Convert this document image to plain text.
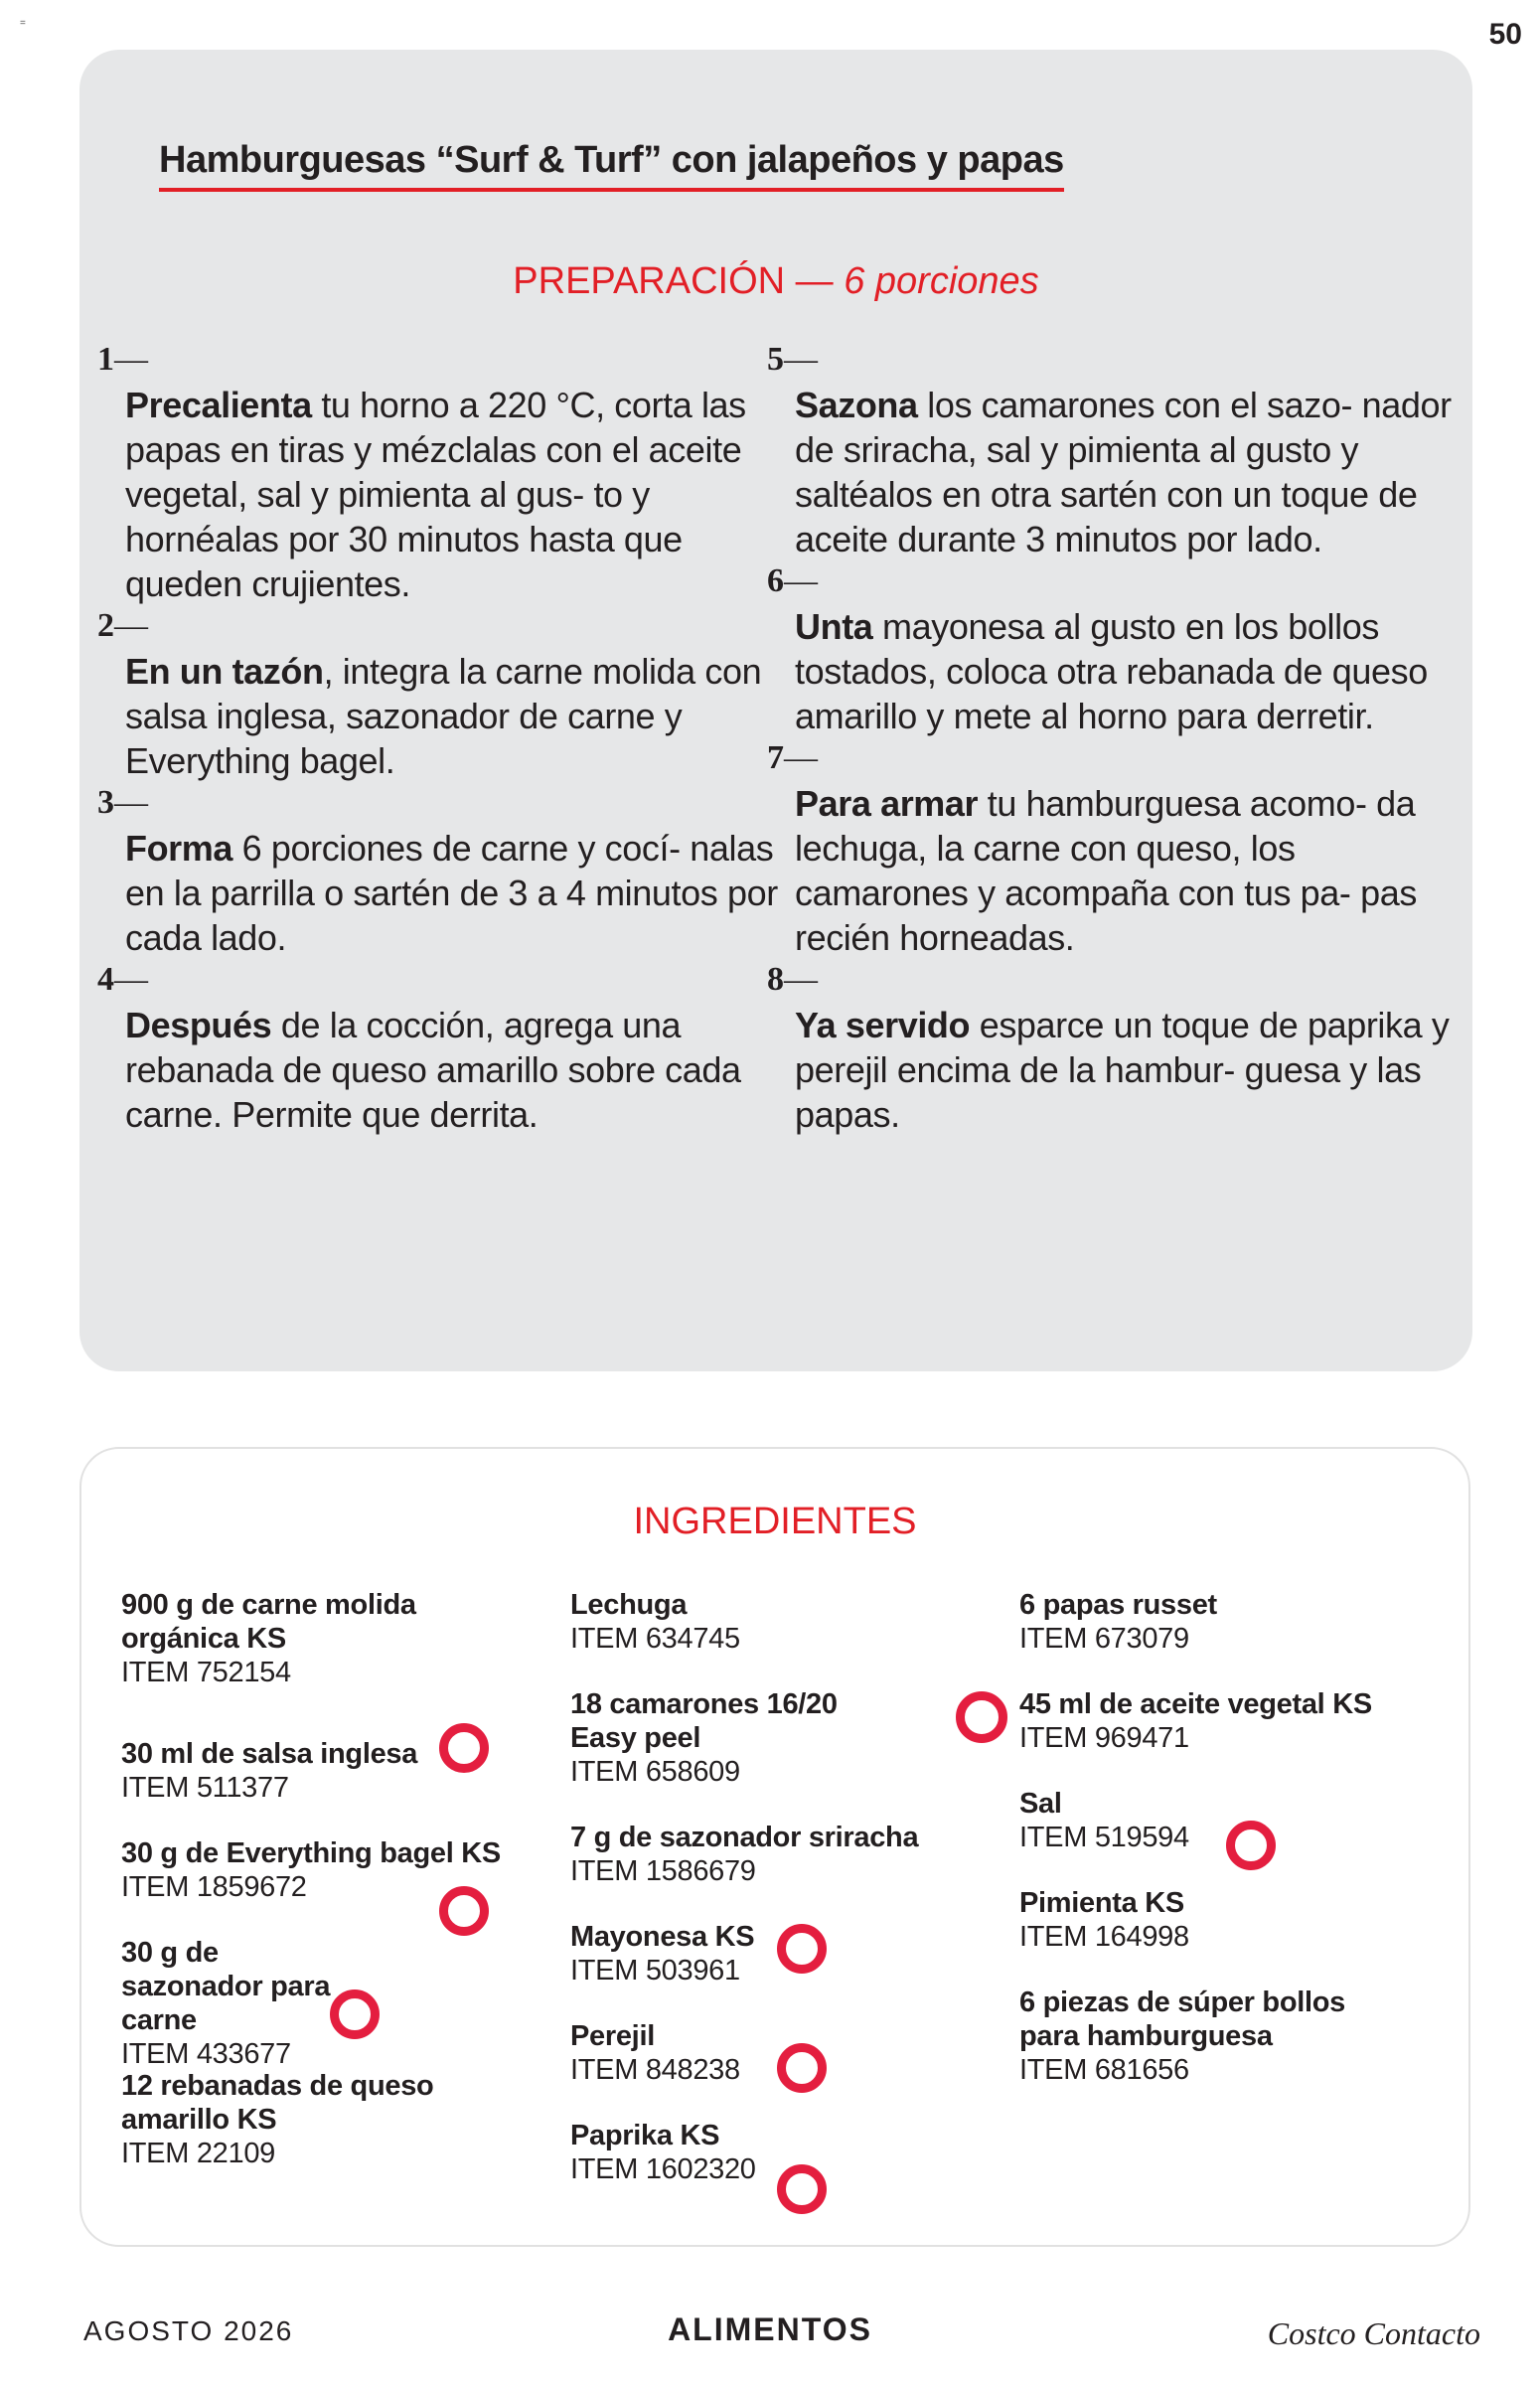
=	50
Hamburguesas “Surf & Turf” con jalapeños y papas
PREPARACIÓN — 6 porciones
1—

Precalienta tu horno a 220 °C, corta las papas en tiras y mézclalas con el aceite vegetal, sal y pimienta al gus- to y hornéalas por 30 minutos hasta que queden crujientes.

2—

En un tazón, integra la carne molida con salsa inglesa, sazonador de carne y Everything bagel.

3—

Forma 6 porciones de carne y cocí- nalas en la parrilla o sartén de 3 a 4 minutos por cada lado.

4—

Después de la cocción, agrega una rebanada de queso amarillo sobre cada carne. Permite que derrita.

5—

Sazona los camarones con el sazo- nador de sriracha, sal y pimienta al gusto y saltéalos en otra sartén con un toque de aceite durante 3 minutos por lado.

6—

Unta mayonesa al gusto en los bollos tostados, coloca otra rebanada de queso amarillo y mete al horno para derretir.

7—

Para armar tu hamburguesa acomo- da lechuga, la carne con queso, los camarones y acompaña con tus pa- pas recién horneadas.

8—

Ya servido esparce un toque de paprika y perejil encima de la hambur- guesa y las papas.

INGREDIENTES
900 g de carne molida orgánica KS
ITEM 752154
30 ml de salsa inglesa
ITEM 511377
30 g de Everything bagel KS
ITEM 1859672
30 g de sazonador para carne
ITEM 433677
12 rebanadas de queso amarillo KS
ITEM 22109
Lechuga
ITEM 634745
18 camarones 16/20 Easy peel
ITEM 658609
7 g de sazonador sriracha
ITEM 1586679
Mayonesa KS
ITEM 503961
Perejil
ITEM 848238
Paprika KS
ITEM 1602320
6 papas russet
ITEM 673079
45 ml de aceite vegetal KS
ITEM 969471
Sal
ITEM 519594
Pimienta KS
ITEM 164998
6 piezas de súper bollos para hamburguesa
ITEM 681656
AGOSTO 2026	ALIMENTOS	Costco Contacto
